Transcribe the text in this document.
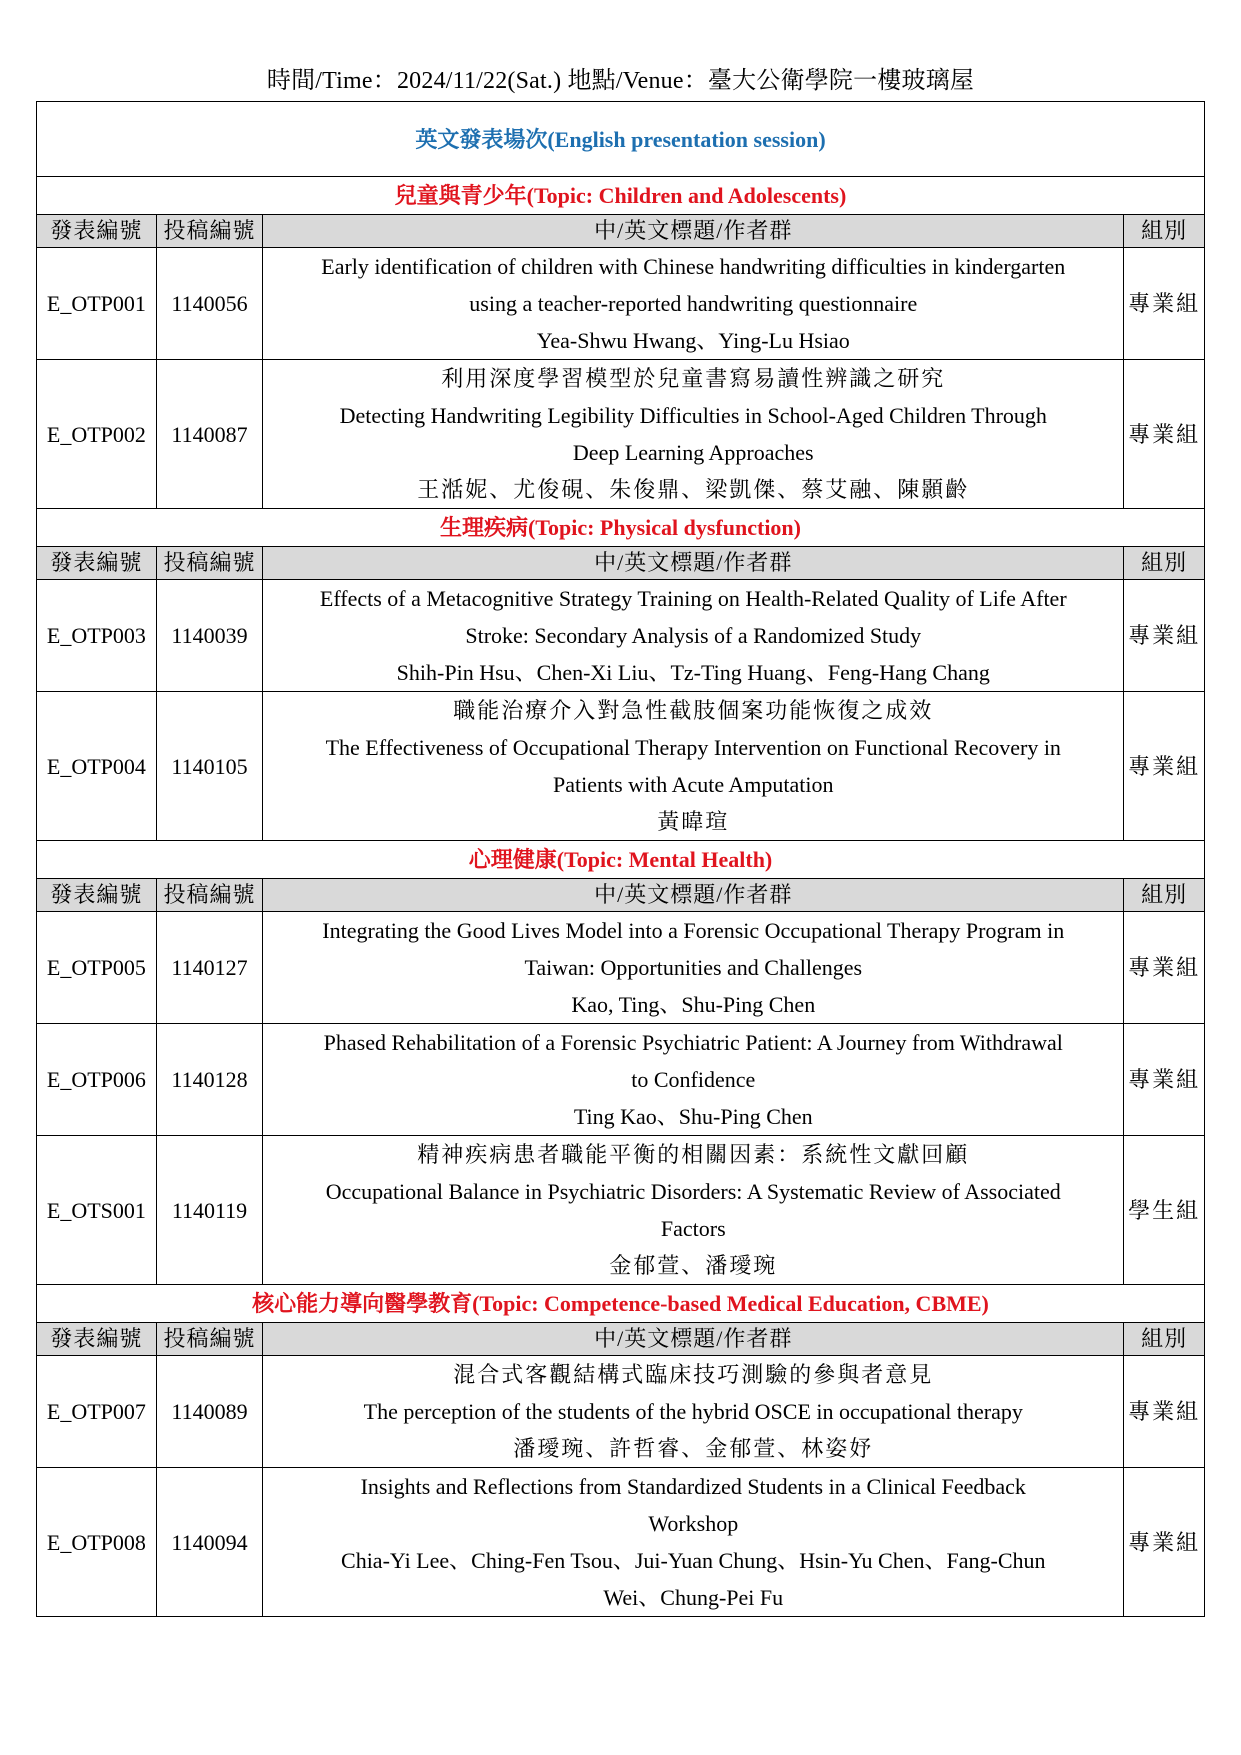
時間/Time：2024/11/22(Sat.) 地點/Venue：臺大公衛學院一樓玻璃屋
英文發表場次(English presentation session)			
兒童與青少年(Topic: Children and Adolescents)			
發表編號	投稿編號	中/英文標題/作者群	組別
E_OTP001	1140056	Early identification of children with Chinese handwriting difficulties in kindergarten
using a teacher-reported handwriting questionnaire
Yea-Shwu Hwang、Ying-Lu Hsiao	專業組
E_OTP002	1140087	利用深度學習模型於兒童書寫易讀性辨識之研究
Detecting Handwriting Legibility Difficulties in School-Aged Children Through
Deep Learning Approaches
王湉妮、尤俊硯、朱俊鼎、梁凱傑、蔡艾融、陳顥齡	專業組
生理疾病(Topic: Physical dysfunction)			
發表編號	投稿編號	中/英文標題/作者群	組別
E_OTP003	1140039	Effects of a Metacognitive Strategy Training on Health-Related Quality of Life After
Stroke: Secondary Analysis of a Randomized Study
Shih-Pin Hsu、Chen-Xi Liu、Tz-Ting Huang、Feng-Hang Chang	專業組
E_OTP004	1140105	職能治療介入對急性截肢個案功能恢復之成效
The Effectiveness of Occupational Therapy Intervention on Functional Recovery in
Patients with Acute Amputation
黃暐瑄	專業組
心理健康(Topic: Mental Health)			
發表編號	投稿編號	中/英文標題/作者群	組別
E_OTP005	1140127	Integrating the Good Lives Model into a Forensic Occupational Therapy Program in
Taiwan: Opportunities and Challenges
Kao, Ting、Shu-Ping Chen	專業組
E_OTP006	1140128	Phased Rehabilitation of a Forensic Psychiatric Patient: A Journey from Withdrawal
to Confidence
Ting Kao、Shu-Ping Chen	專業組
E_OTS001	1140119	精神疾病患者職能平衡的相關因素：系統性文獻回顧
Occupational Balance in Psychiatric Disorders: A Systematic Review of Associated
Factors
金郁萱、潘璦琬	學生組
核心能力導向醫學教育(Topic: Competence-based Medical Education, CBME)			
發表編號	投稿編號	中/英文標題/作者群	組別
E_OTP007	1140089	混合式客觀結構式臨床技巧測驗的參與者意見
The perception of the students of the hybrid OSCE in occupational therapy
潘璦琬、許哲睿、金郁萱、林姿妤	專業組
E_OTP008	1140094	Insights and Reflections from Standardized Students in a Clinical Feedback
Workshop
Chia-Yi Lee、Ching-Fen Tsou、Jui-Yuan Chung、Hsin-Yu Chen、Fang-Chun
Wei、Chung-Pei Fu	專業組
